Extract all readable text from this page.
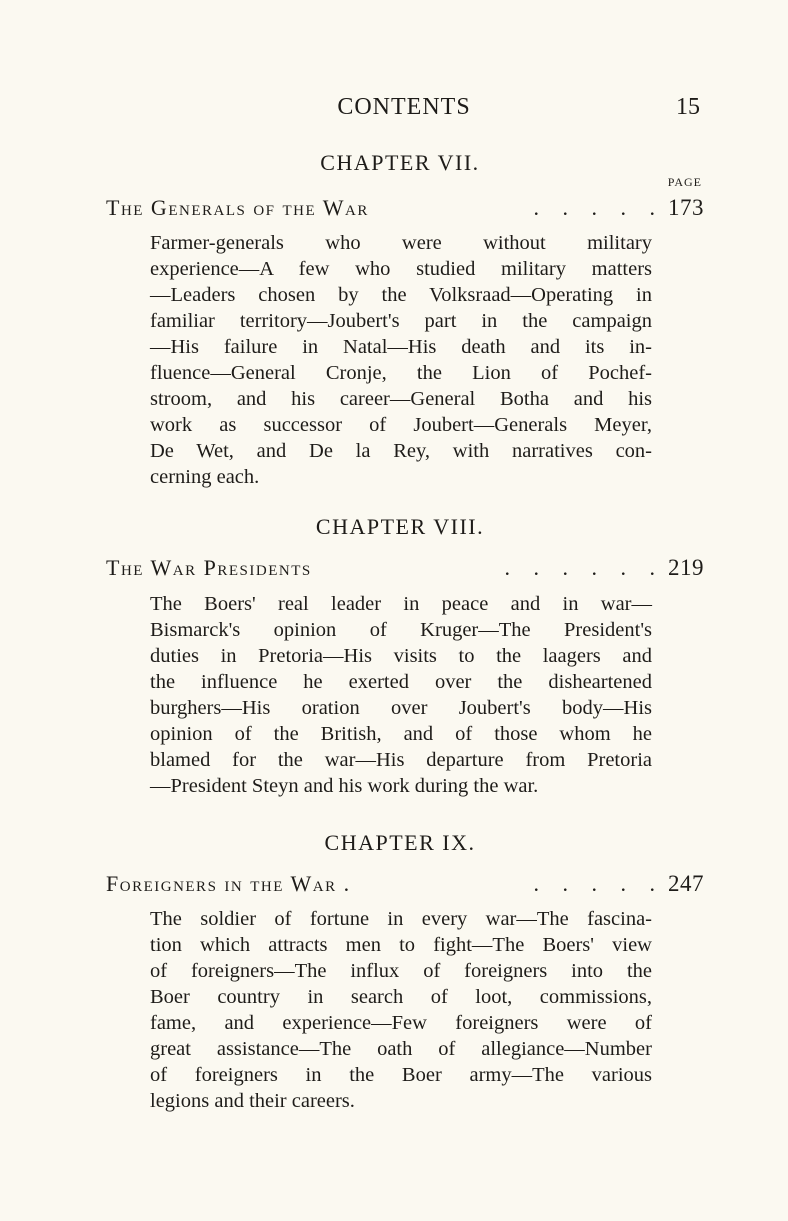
CONTENTS	15
CHAPTER VII.
PAGE
The Generals of the War	. . . . . 173
Farmer-generals who were without military
experience—A few who studied military matters
—Leaders chosen by the Volksraad—Operating in
familiar territory—Joubert's part in the campaign
—His failure in Natal—His death and its in-
fluence—General Cronje, the Lion of Pochef-
stroom, and his career—General Botha and his
work as successor of Joubert—Generals Meyer,
De Wet, and De la Rey, with narratives con-
cerning each.
CHAPTER VIII.
The War Presidents	. . . . . . 219
The Boers' real leader in peace and in war—
Bismarck's opinion of Kruger—The President's
duties in Pretoria—His visits to the laagers and
the influence he exerted over the disheartened
burghers—His oration over Joubert's body—His
opinion of the British, and of those whom he
blamed for the war—His departure from Pretoria
—President Steyn and his work during the war.
CHAPTER IX.
Foreigners in the War .	. . . . . 247
The soldier of fortune in every war—The fascina-
tion which attracts men to fight—The Boers' view
of foreigners—The influx of foreigners into the
Boer country in search of loot, commissions,
fame, and experience—Few foreigners were of
great assistance—The oath of allegiance—Number
of foreigners in the Boer army—The various
legions and their careers.
